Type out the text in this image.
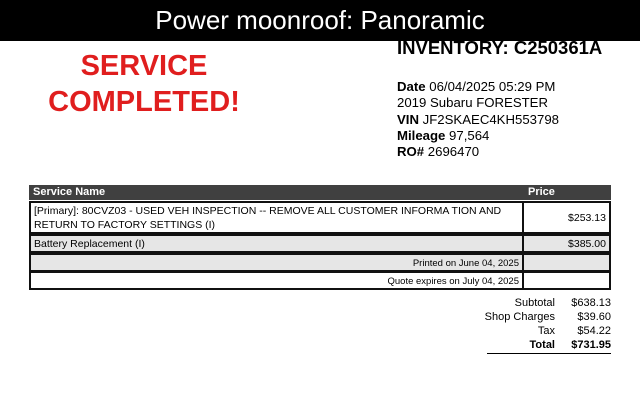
Power moonroof: Panoramic
SERVICE
COMPLETED!
INVENTORY: C250361A
Date 06/04/2025 05:29 PM
2019 Subaru FORESTER
VIN JF2SKAEC4KH553798
Mileage 97,564
RO# 2696470
Service Name	Price
[Primary]: 80CVZ03 - USED VEH INSPECTION -- REMOVE ALL CUSTOMER INFORMA TION AND
RETURN TO FACTORY SETTINGS (I)
$253.13
Battery Replacement (I)	$385.00
Printed on June 04, 2025
Quote expires on July 04, 2025
Subtotal
Shop Charges
Tax
Total
$638.13
$39.60
$54.22
$731.95
